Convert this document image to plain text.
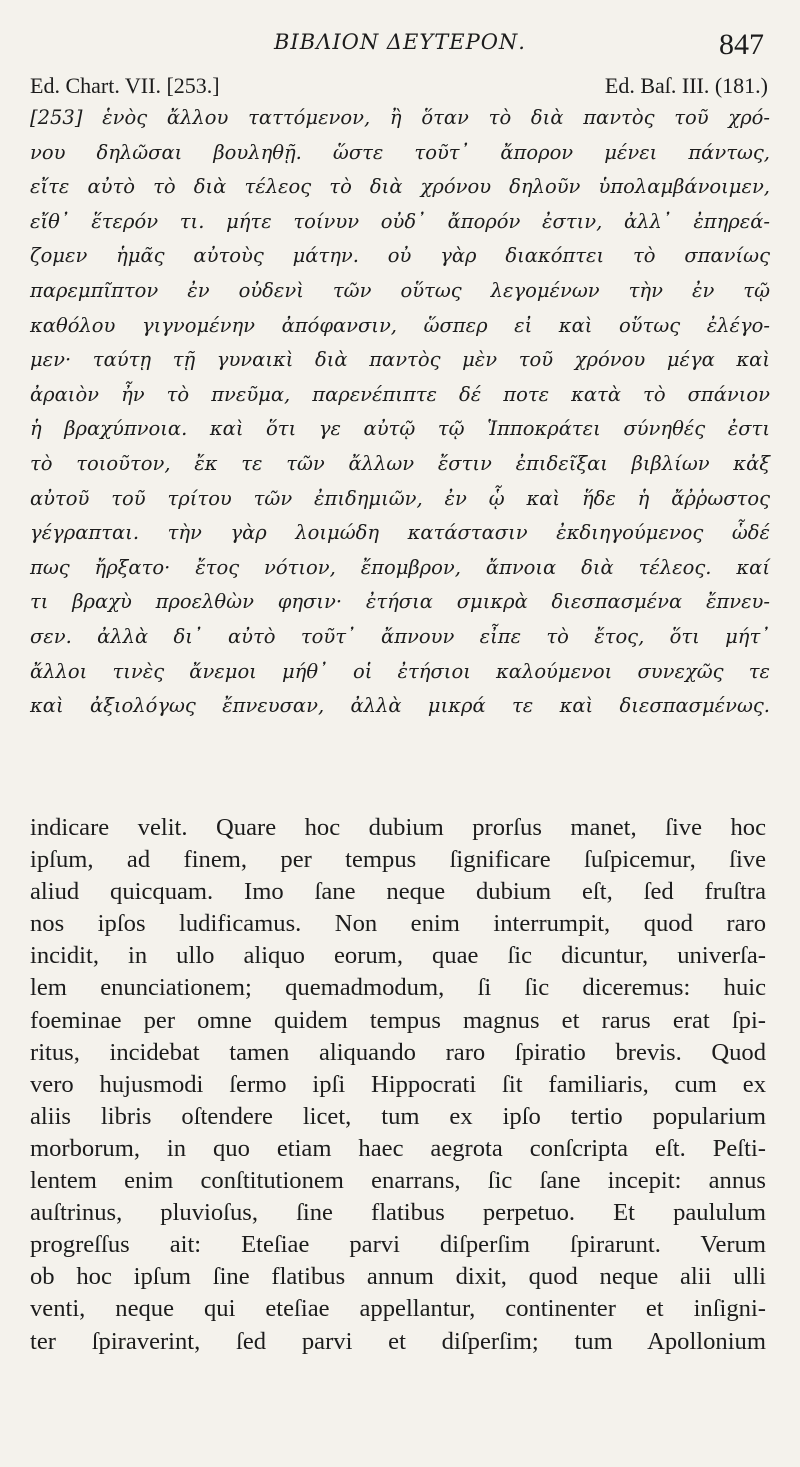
ΒΙΒΛΙΟΝ ΔΕΥΤΕΡΟΝ.	847
Ed. Chart. VII. [253.]	Ed. Baſ. III. (181.)
[253] ἑνὸς ἄλλου ταττόμενον, ἢ ὅταν τὸ διὰ παντὸς τοῦ χρό-
νου δηλῶσαι βουληθῇ. ὥστε τοῦτ᾽ ἄπορον μένει πάντως,
εἴτε αὐτὸ τὸ διὰ τέλεος τὸ διὰ χρόνου δηλοῦν ὑπολαμβάνοιμεν,
εἴθ᾽ ἕτερόν τι. μήτε τοίνυν οὐδ᾽ ἄπορόν ἐστιν, ἀλλ᾽ ἐπηρεά-
ζομεν ἡμᾶς αὐτοὺς μάτην. οὐ γὰρ διακόπτει τὸ σπανίως
παρεμπῖπτον ἐν οὐδενὶ τῶν οὕτως λεγομένων τὴν ἐν τῷ
καθόλου γιγνομένην ἀπόφανσιν, ὥσπερ εἰ καὶ οὕτως ἐλέγο-
μεν· ταύτῃ τῇ γυναικὶ διὰ παντὸς μὲν τοῦ χρόνου μέγα καὶ
ἀραιὸν ἦν τὸ πνεῦμα, παρενέπιπτε δέ ποτε κατὰ τὸ σπάνιον
ἡ βραχύπνοια. καὶ ὅτι γε αὐτῷ τῷ Ἱπποκράτει σύνηθές ἐστι
τὸ τοιοῦτον, ἔκ τε τῶν ἄλλων ἔστιν ἐπιδεῖξαι βιβλίων κἀξ
αὐτοῦ τοῦ τρίτου τῶν ἐπιδημιῶν, ἐν ᾧ καὶ ἥδε ἡ ἄῤῥωστος
γέγραπται. τὴν γὰρ λοιμώδη κατάστασιν ἐκδιηγούμενος ὧδέ
πως ἤρξατο· ἔτος νότιον, ἔπομβρον, ἄπνοια διὰ τέλεος. καί
τι βραχὺ προελθὼν φησιν· ἐτήσια σμικρὰ διεσπασμένα ἔπνευ-
σεν. ἀλλὰ δι᾽ αὐτὸ τοῦτ᾽ ἄπνουν εἶπε τὸ ἔτος, ὅτι μήτ᾽
ἄλλοι τινὲς ἄνεμοι μήθ᾽ οἱ ἐτήσιοι καλούμενοι συνεχῶς τε
καὶ ἀξιολόγως ἔπνευσαν, ἀλλὰ μικρά τε καὶ διεσπασμένως.
indicare velit. Quare hoc dubium prorſus manet, ſive hoc
ipſum, ad finem, per tempus ſignificare ſuſpicemur, ſive
aliud quicquam. Imo ſane neque dubium eſt, ſed fruſtra
nos ipſos ludificamus. Non enim interrumpit, quod raro
incidit, in ullo aliquo eorum, quae ſic dicuntur, univerſa-
lem enunciationem; quemadmodum, ſi ſic diceremus: huic
foeminae per omne quidem tempus magnus et rarus erat ſpi-
ritus, incidebat tamen aliquando raro ſpiratio brevis. Quod
vero hujusmodi ſermo ipſi Hippocrati ſit familiaris, cum ex
aliis libris oſtendere licet, tum ex ipſo tertio popularium
morborum, in quo etiam haec aegrota conſcripta eſt. Peſti-
lentem enim conſtitutionem enarrans, ſic ſane incepit: annus
auſtrinus, pluvioſus, ſine flatibus perpetuo. Et paululum
progreſſus ait: Eteſiae parvi diſperſim ſpirarunt. Verum
ob hoc ipſum ſine flatibus annum dixit, quod neque alii ulli
venti, neque qui eteſiae appellantur, continenter et inſigni-
ter ſpiraverint, ſed parvi et diſperſim; tum Apollonium
